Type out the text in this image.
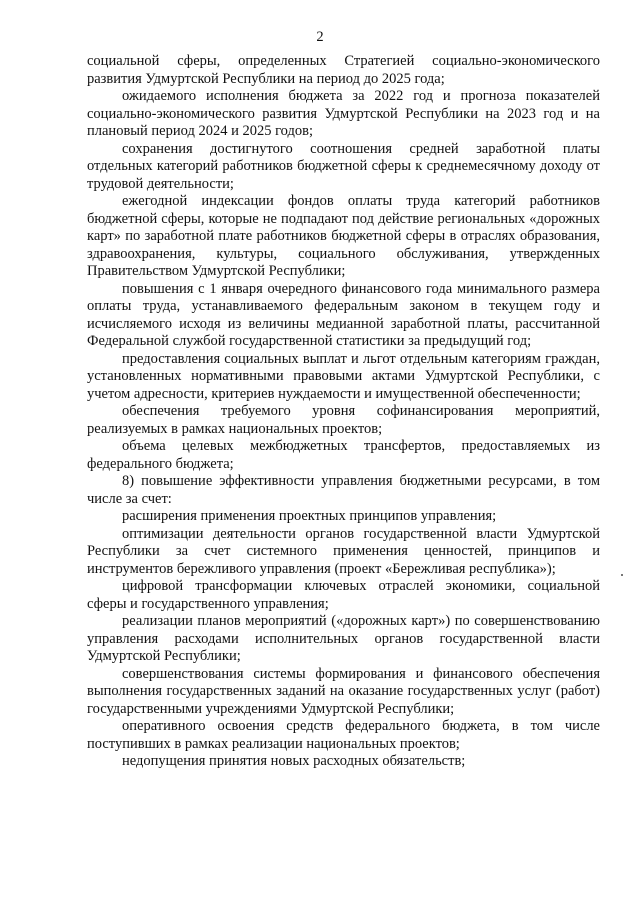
2

социальной сферы, определенных Стратегией социально-экономического развития Удмуртской Республики на период до 2025 года;

ожидаемого исполнения бюджета за 2022 год и прогноза показателей социально-экономического развития Удмуртской Республики на 2023 год и на плановый период 2024 и 2025 годов;

сохранения достигнутого соотношения средней заработной платы отдельных категорий работников бюджетной сферы к среднемесячному доходу от трудовой деятельности;

ежегодной индексации фондов оплаты труда категорий работников бюджетной сферы, которые не подпадают под действие региональных «дорожных карт» по заработной плате работников бюджетной сферы в отраслях образования, здравоохранения, культуры, социального обслуживания, утвержденных Правительством Удмуртской Республики;

повышения с 1 января очередного финансового года минимального размера оплаты труда, устанавливаемого федеральным законом в текущем году и исчисляемого исходя из величины медианной заработной платы, рассчитанной Федеральной службой государственной статистики за предыдущий год;

предоставления социальных выплат и льгот отдельным категориям граждан, установленных нормативными правовыми актами Удмуртской Республики, с учетом адресности, критериев нуждаемости и имущественной обеспеченности;

обеспечения требуемого уровня софинансирования мероприятий, реализуемых в рамках национальных проектов;

объема целевых межбюджетных трансфертов, предоставляемых из федерального бюджета;

8) повышение эффективности управления бюджетными ресурсами, в том числе за счет:

расширения применения проектных принципов управления;

оптимизации деятельности органов государственной власти Удмуртской Республики за счет системного применения ценностей, принципов и инструментов бережливого управления (проект «Бережливая республика»);

цифровой трансформации ключевых отраслей экономики, социальной сферы и государственного управления;

реализации планов мероприятий («дорожных карт») по совершенствованию управления расходами исполнительных органов государственной власти Удмуртской Республики;

совершенствования системы формирования и финансового обеспечения выполнения государственных заданий на оказание государственных услуг (работ) государственными учреждениями Удмуртской Республики;

оперативного освоения средств федерального бюджета, в том числе поступивших в рамках реализации национальных проектов;

недопущения принятия новых расходных обязательств;
